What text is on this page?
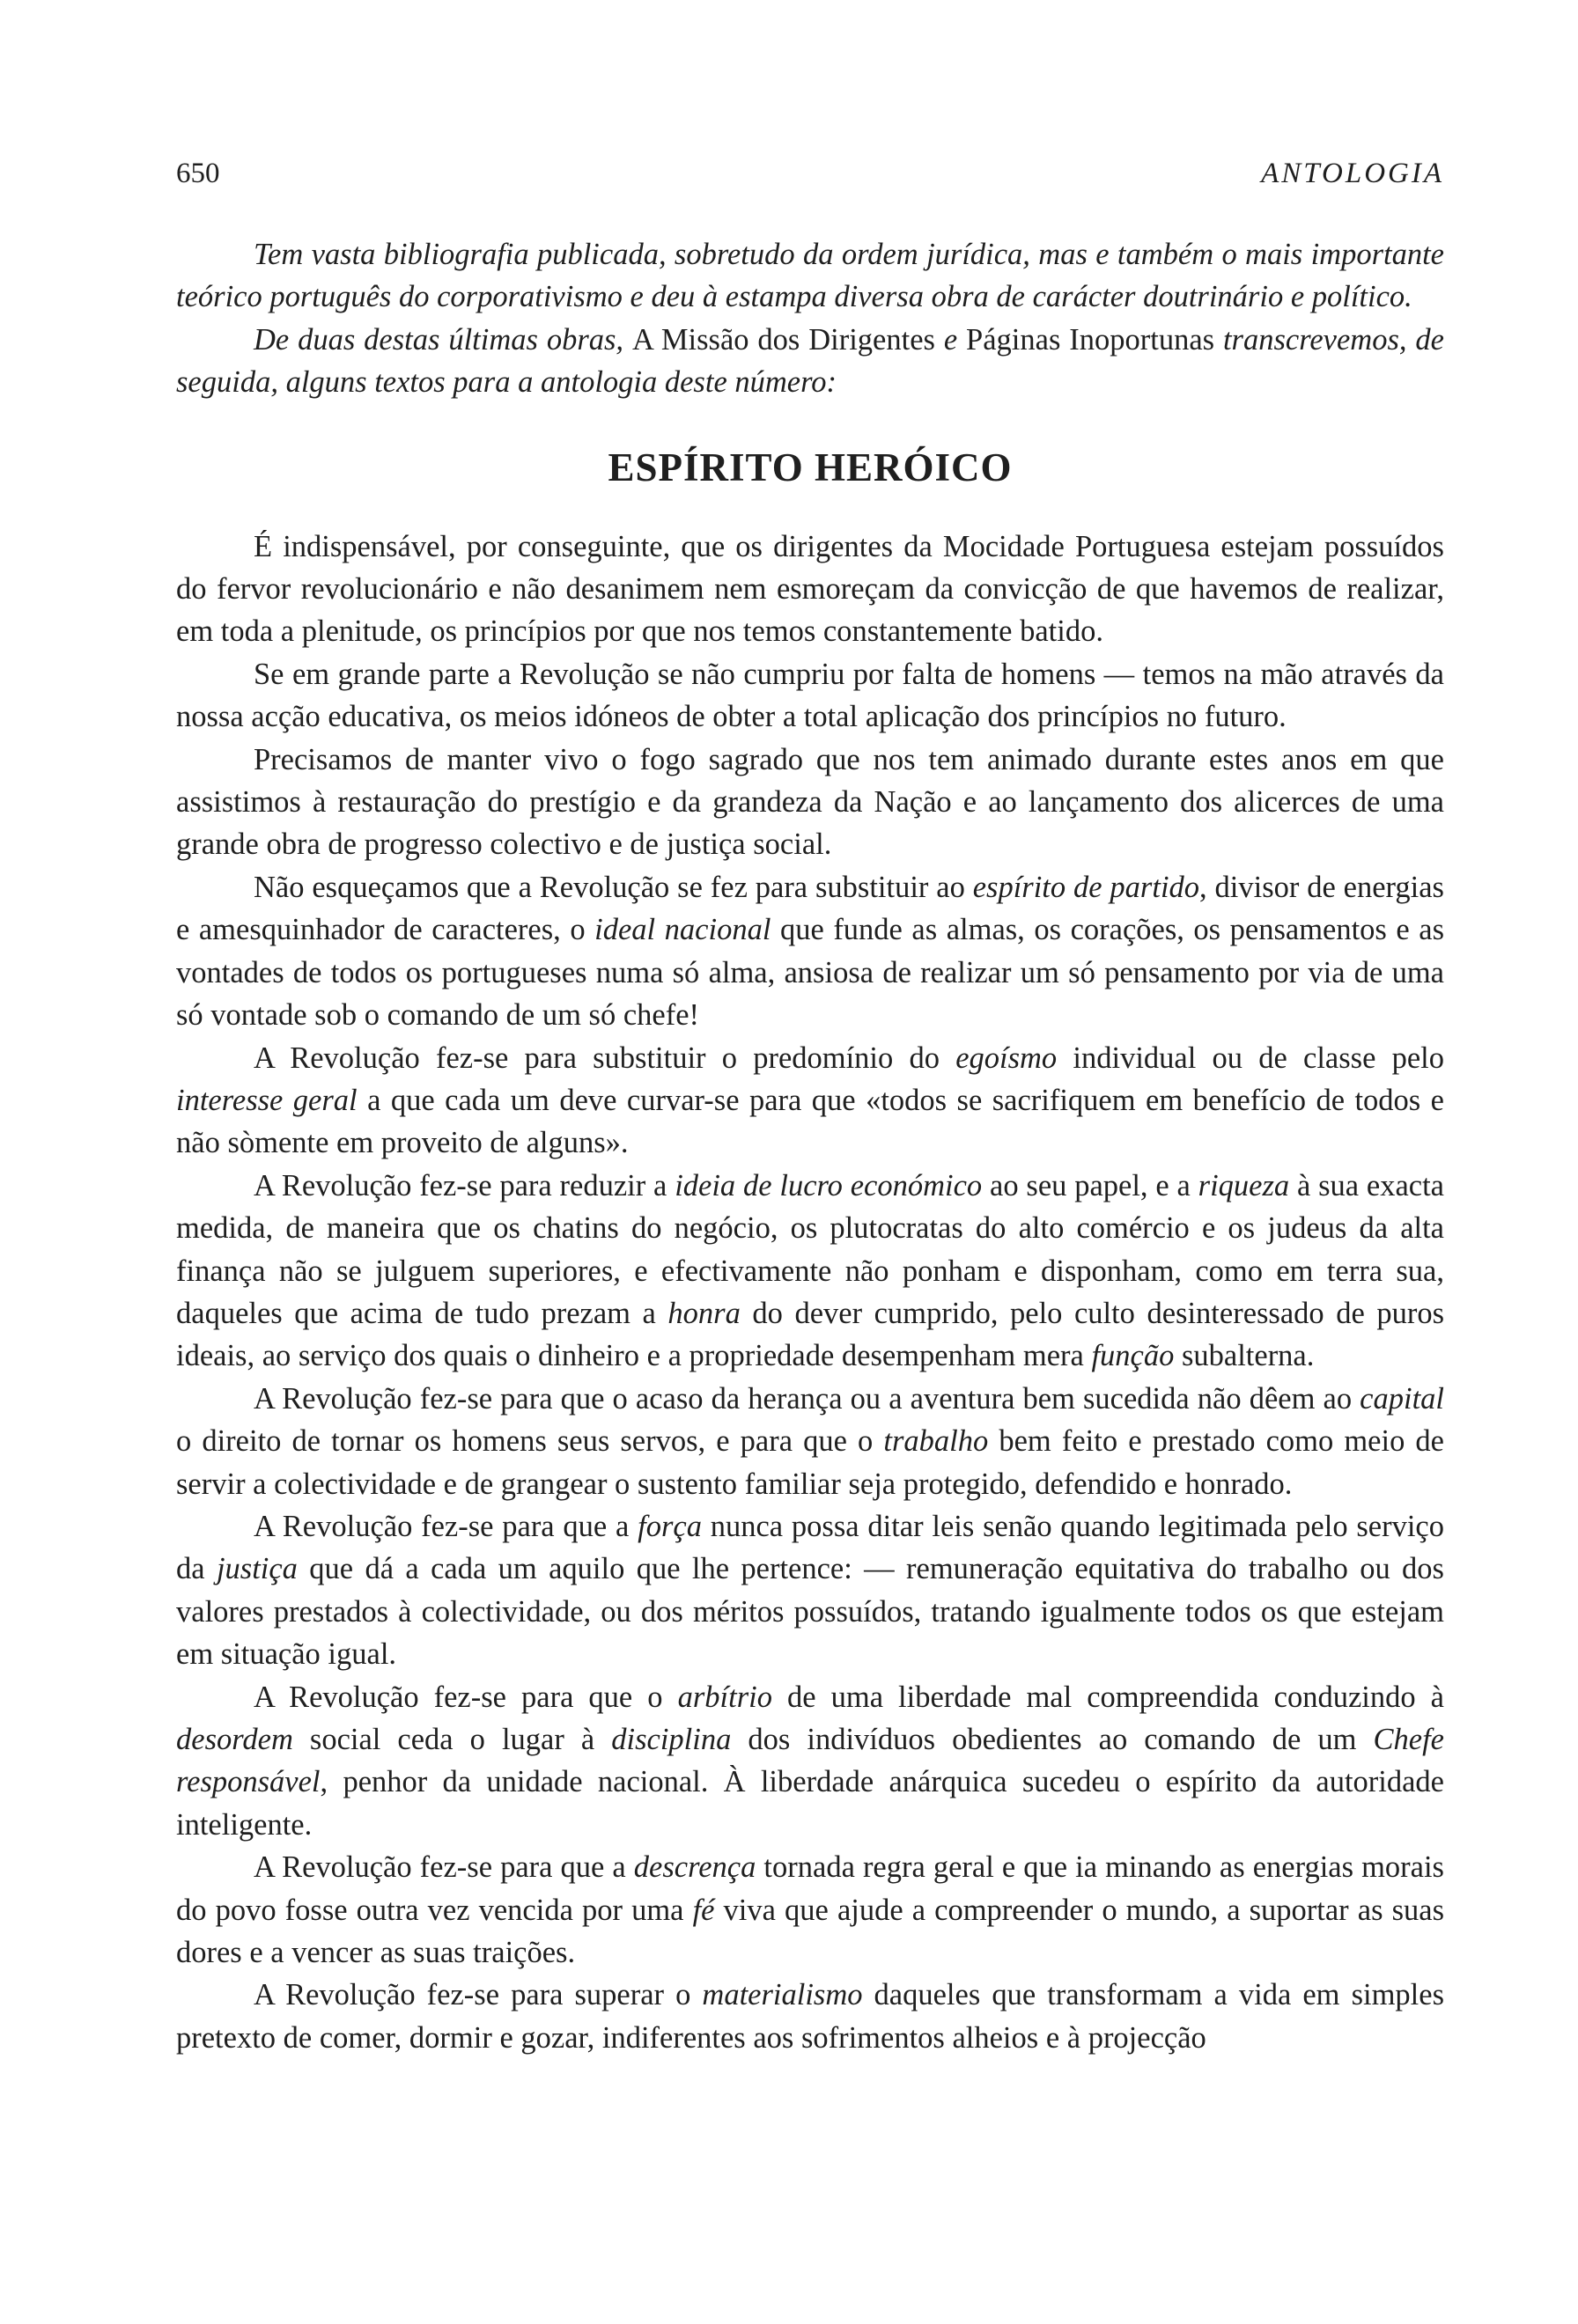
650	ANTOLOGIA

Tem vasta bibliografia publicada, sobretudo da ordem jurídica, mas e também o mais importante teórico português do corporativismo e deu à estampa diversa obra de carácter doutrinário e político.

De duas destas últimas obras, A Missão dos Dirigentes e Páginas Inoportunas transcrevemos, de seguida, alguns textos para a antologia deste número:

ESPÍRITO HERÓICO

É indispensável, por conseguinte, que os dirigentes da Mocidade Portuguesa estejam possuídos do fervor revolucionário e não desanimem nem esmoreçam da convicção de que havemos de realizar, em toda a plenitude, os princípios por que nos temos constantemente batido.

Se em grande parte a Revolução se não cumpriu por falta de homens — temos na mão através da nossa acção educativa, os meios idóneos de obter a total aplicação dos princípios no futuro.

Precisamos de manter vivo o fogo sagrado que nos tem animado durante estes anos em que assistimos à restauração do prestígio e da grandeza da Nação e ao lançamento dos alicerces de uma grande obra de progresso colectivo e de justiça social.

Não esqueçamos que a Revolução se fez para substituir ao espírito de partido, divisor de energias e amesquinhador de caracteres, o ideal nacional que funde as almas, os corações, os pensamentos e as vontades de todos os portugueses numa só alma, ansiosa de realizar um só pensamento por via de uma só vontade sob o comando de um só chefe!

A Revolução fez-se para substituir o predomínio do egoísmo individual ou de classe pelo interesse geral a que cada um deve curvar-se para que «todos se sacrifiquem em benefício de todos e não sòmente em proveito de alguns».

A Revolução fez-se para reduzir a ideia de lucro económico ao seu papel, e a riqueza à sua exacta medida, de maneira que os chatins do negócio, os plutocratas do alto comércio e os judeus da alta finança não se julguem superiores, e efectivamente não ponham e disponham, como em terra sua, daqueles que acima de tudo prezam a honra do dever cumprido, pelo culto desinteressado de puros ideais, ao serviço dos quais o dinheiro e a propriedade desempenham mera função subalterna.

A Revolução fez-se para que o acaso da herança ou a aventura bem sucedida não dêem ao capital o direito de tornar os homens seus servos, e para que o trabalho bem feito e prestado como meio de servir a colectividade e de grangear o sustento familiar seja protegido, defendido e honrado.

A Revolução fez-se para que a força nunca possa ditar leis senão quando legitimada pelo serviço da justiça que dá a cada um aquilo que lhe pertence: — remuneração equitativa do trabalho ou dos valores prestados à colectividade, ou dos méritos possuídos, tratando igualmente todos os que estejam em situação igual.

A Revolução fez-se para que o arbítrio de uma liberdade mal compreendida conduzindo à desordem social ceda o lugar à disciplina dos indivíduos obedientes ao comando de um Chefe responsável, penhor da unidade nacional. À liberdade anárquica sucedeu o espírito da autoridade inteligente.

A Revolução fez-se para que a descrença tornada regra geral e que ia minando as energias morais do povo fosse outra vez vencida por uma fé viva que ajude a compreender o mundo, a suportar as suas dores e a vencer as suas traições.

A Revolução fez-se para superar o materialismo daqueles que transformam a vida em simples pretexto de comer, dormir e gozar, indiferentes aos sofrimentos alheios e à projecção
